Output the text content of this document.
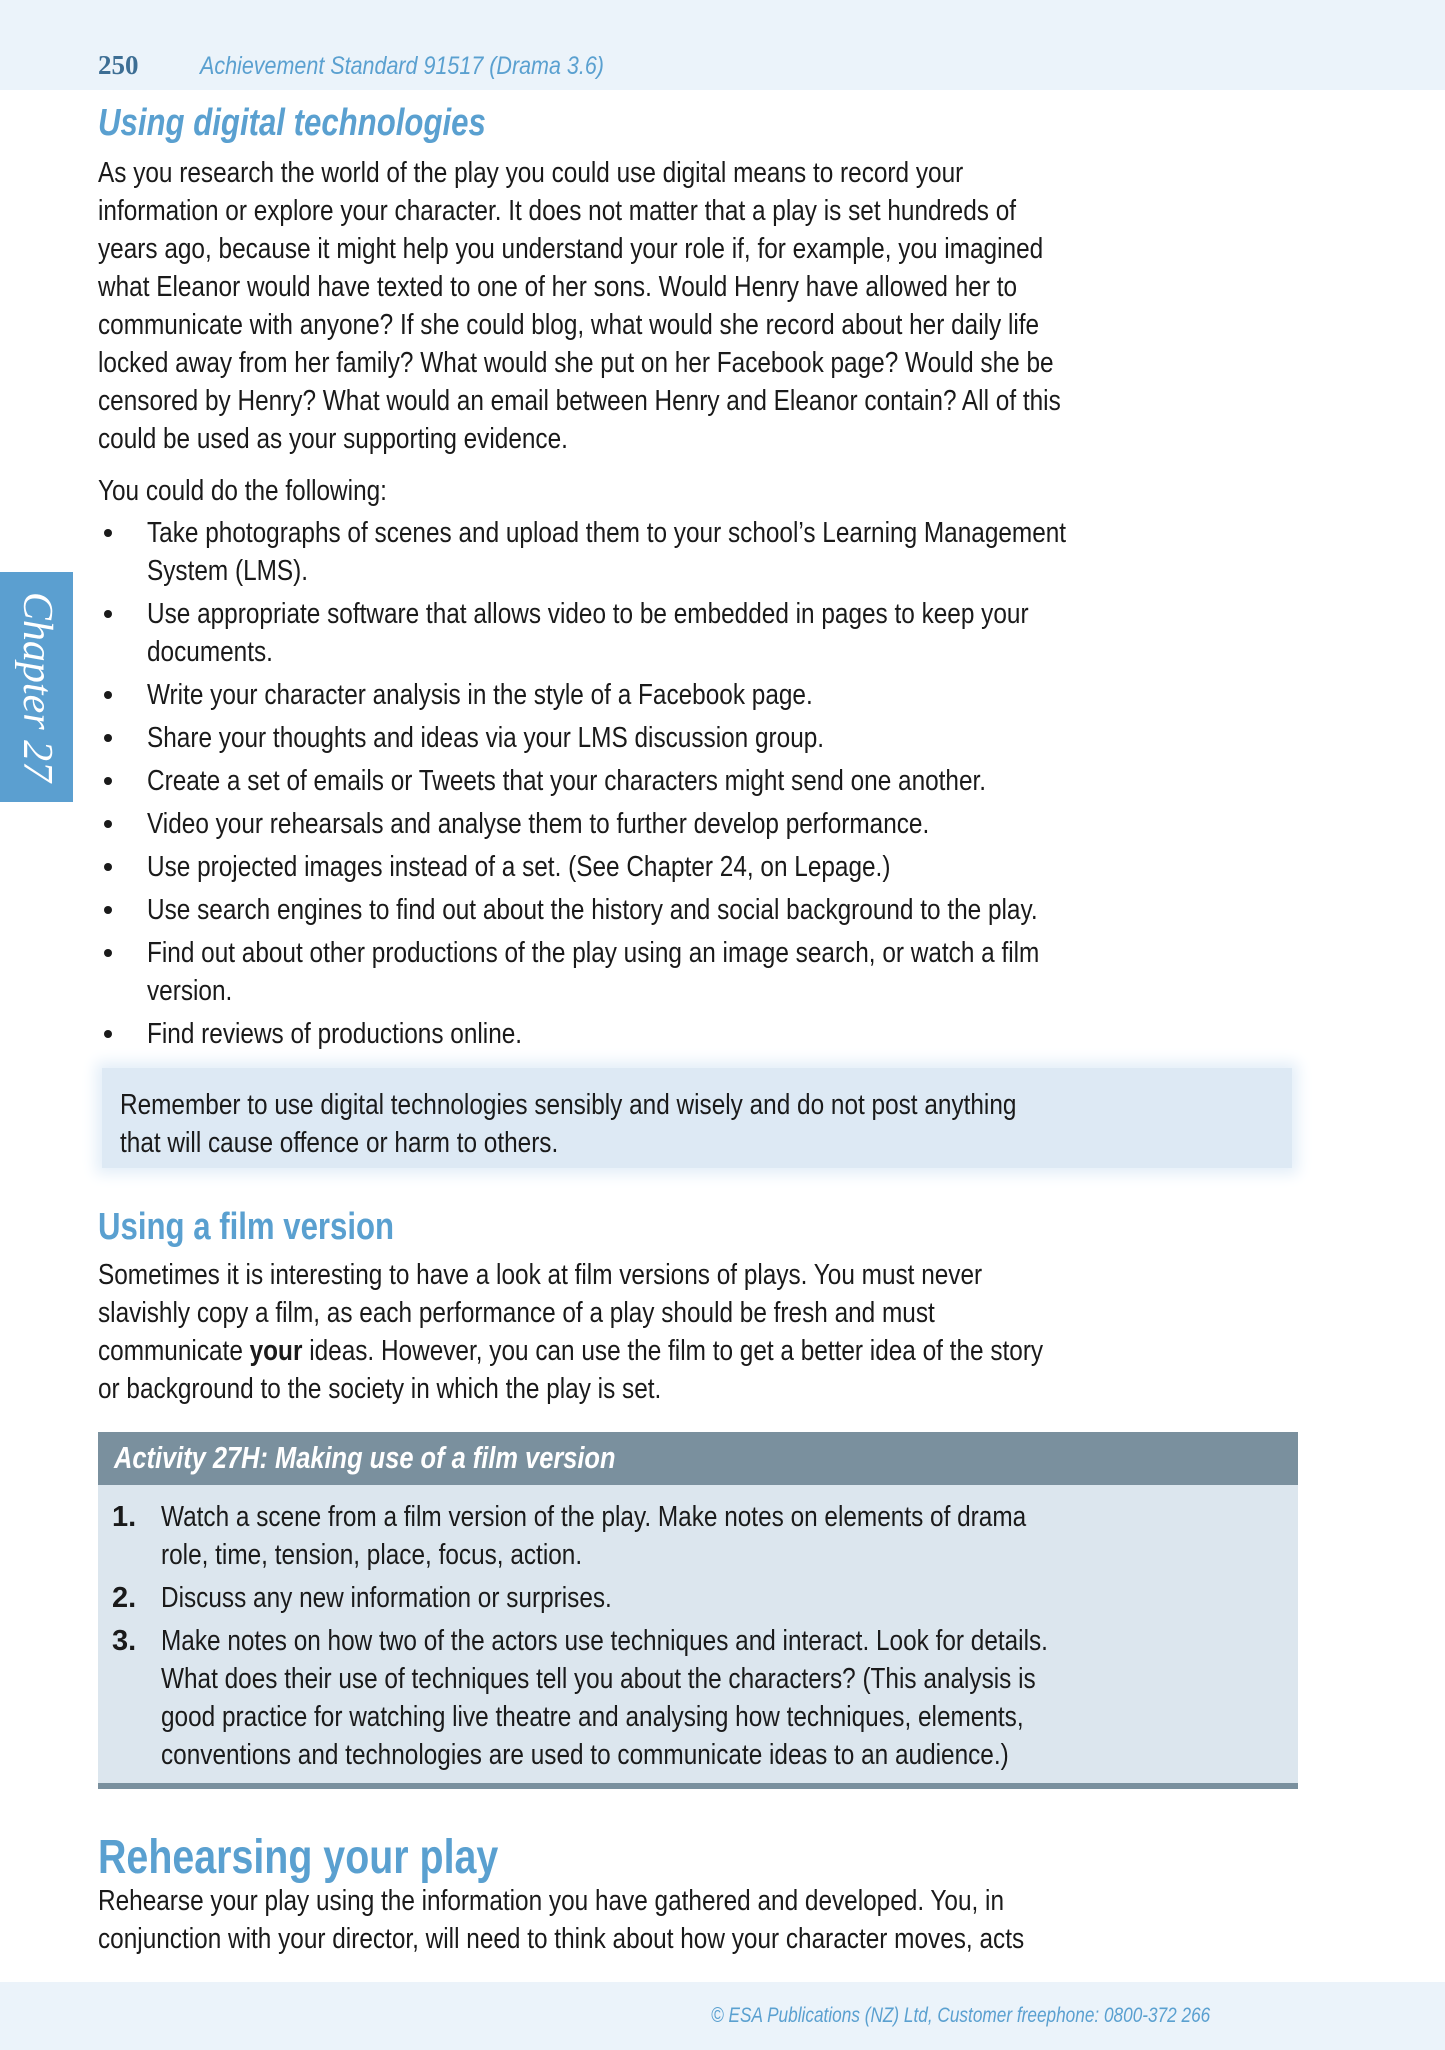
250 Achievement Standard 91517 (Drama 3.6)
Chapter 27
Using digital technologies
As you research the world of the play you could use digital means to record your
information or explore your character. It does not matter that a play is set hundreds of
years ago, because it might help you understand your role if, for example, you imagined
what Eleanor would have texted to one of her sons. Would Henry have allowed her to
communicate with anyone? If she could blog, what would she record about her daily life
locked away from her family? What would she put on her Facebook page? Would she be
censored by Henry? What would an email between Henry and Eleanor contain? All of this
could be used as your supporting evidence.
You could do the following:
Take photographs of scenes and upload them to your school’s Learning Management
System (LMS).
Use appropriate software that allows video to be embedded in pages to keep your
documents.
Write your character analysis in the style of a Facebook page.
Share your thoughts and ideas via your LMS discussion group.
Create a set of emails or Tweets that your characters might send one another.
Video your rehearsals and analyse them to further develop performance.
Use projected images instead of a set. (See Chapter 24, on Lepage.)
Use search engines to find out about the history and social background to the play.
Find out about other productions of the play using an image search, or watch a film
version.
Find reviews of productions online.
Remember to use digital technologies sensibly and wisely and do not post anything
that will cause offence or harm to others.
Using a film version
Sometimes it is interesting to have a look at film versions of plays. You must never
slavishly copy a film, as each performance of a play should be fresh and must
communicate your ideas. However, you can use the film to get a better idea of the story
or background to the society in which the play is set.
Activity 27H: Making use of a film version
1. Watch a scene from a film version of the play. Make notes on elements of drama
role, time, tension, place, focus, action.
2. Discuss any new information or surprises.
3. Make notes on how two of the actors use techniques and interact. Look for details.
What does their use of techniques tell you about the characters? (This analysis is
good practice for watching live theatre and analysing how techniques, elements,
conventions and technologies are used to communicate ideas to an audience.)
Rehearsing your play
Rehearse your play using the information you have gathered and developed. You, in
conjunction with your director, will need to think about how your character moves, acts
© ESA Publications (NZ) Ltd, Customer freephone: 0800-372 266
